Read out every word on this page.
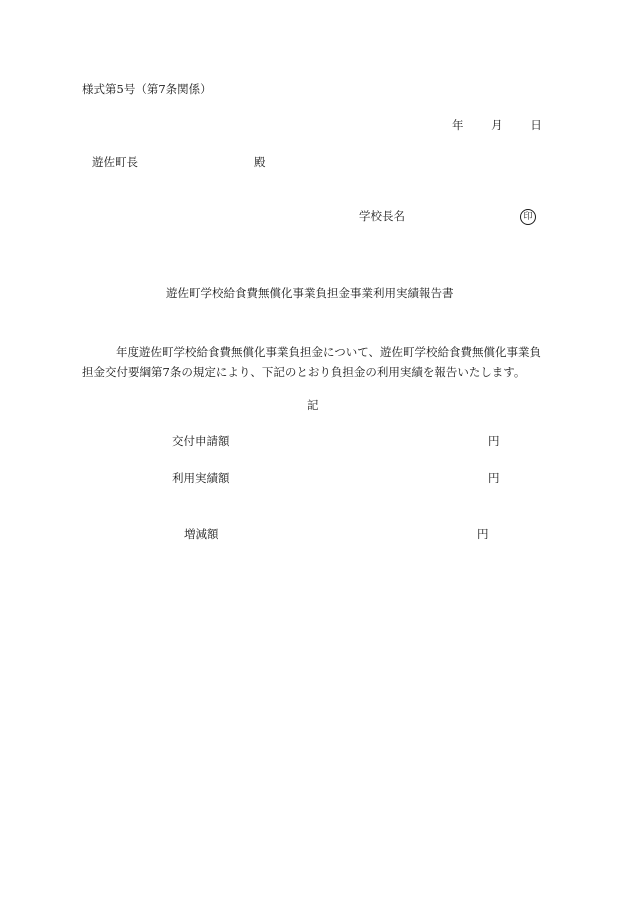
様式第5号（第7条関係）
年 月 日
遊佐町長	殿
学校長名	印
遊佐町学校給食費無償化事業負担金事業利用実績報告書
年度遊佐町学校給食費無償化事業負担金について、遊佐町学校給食費無償化事業負担金交付要綱第7条の規定により、下記のとおり負担金の利用実績を報告いたします。
記
交付申請額	円
利用実績額	円
増減額	円
